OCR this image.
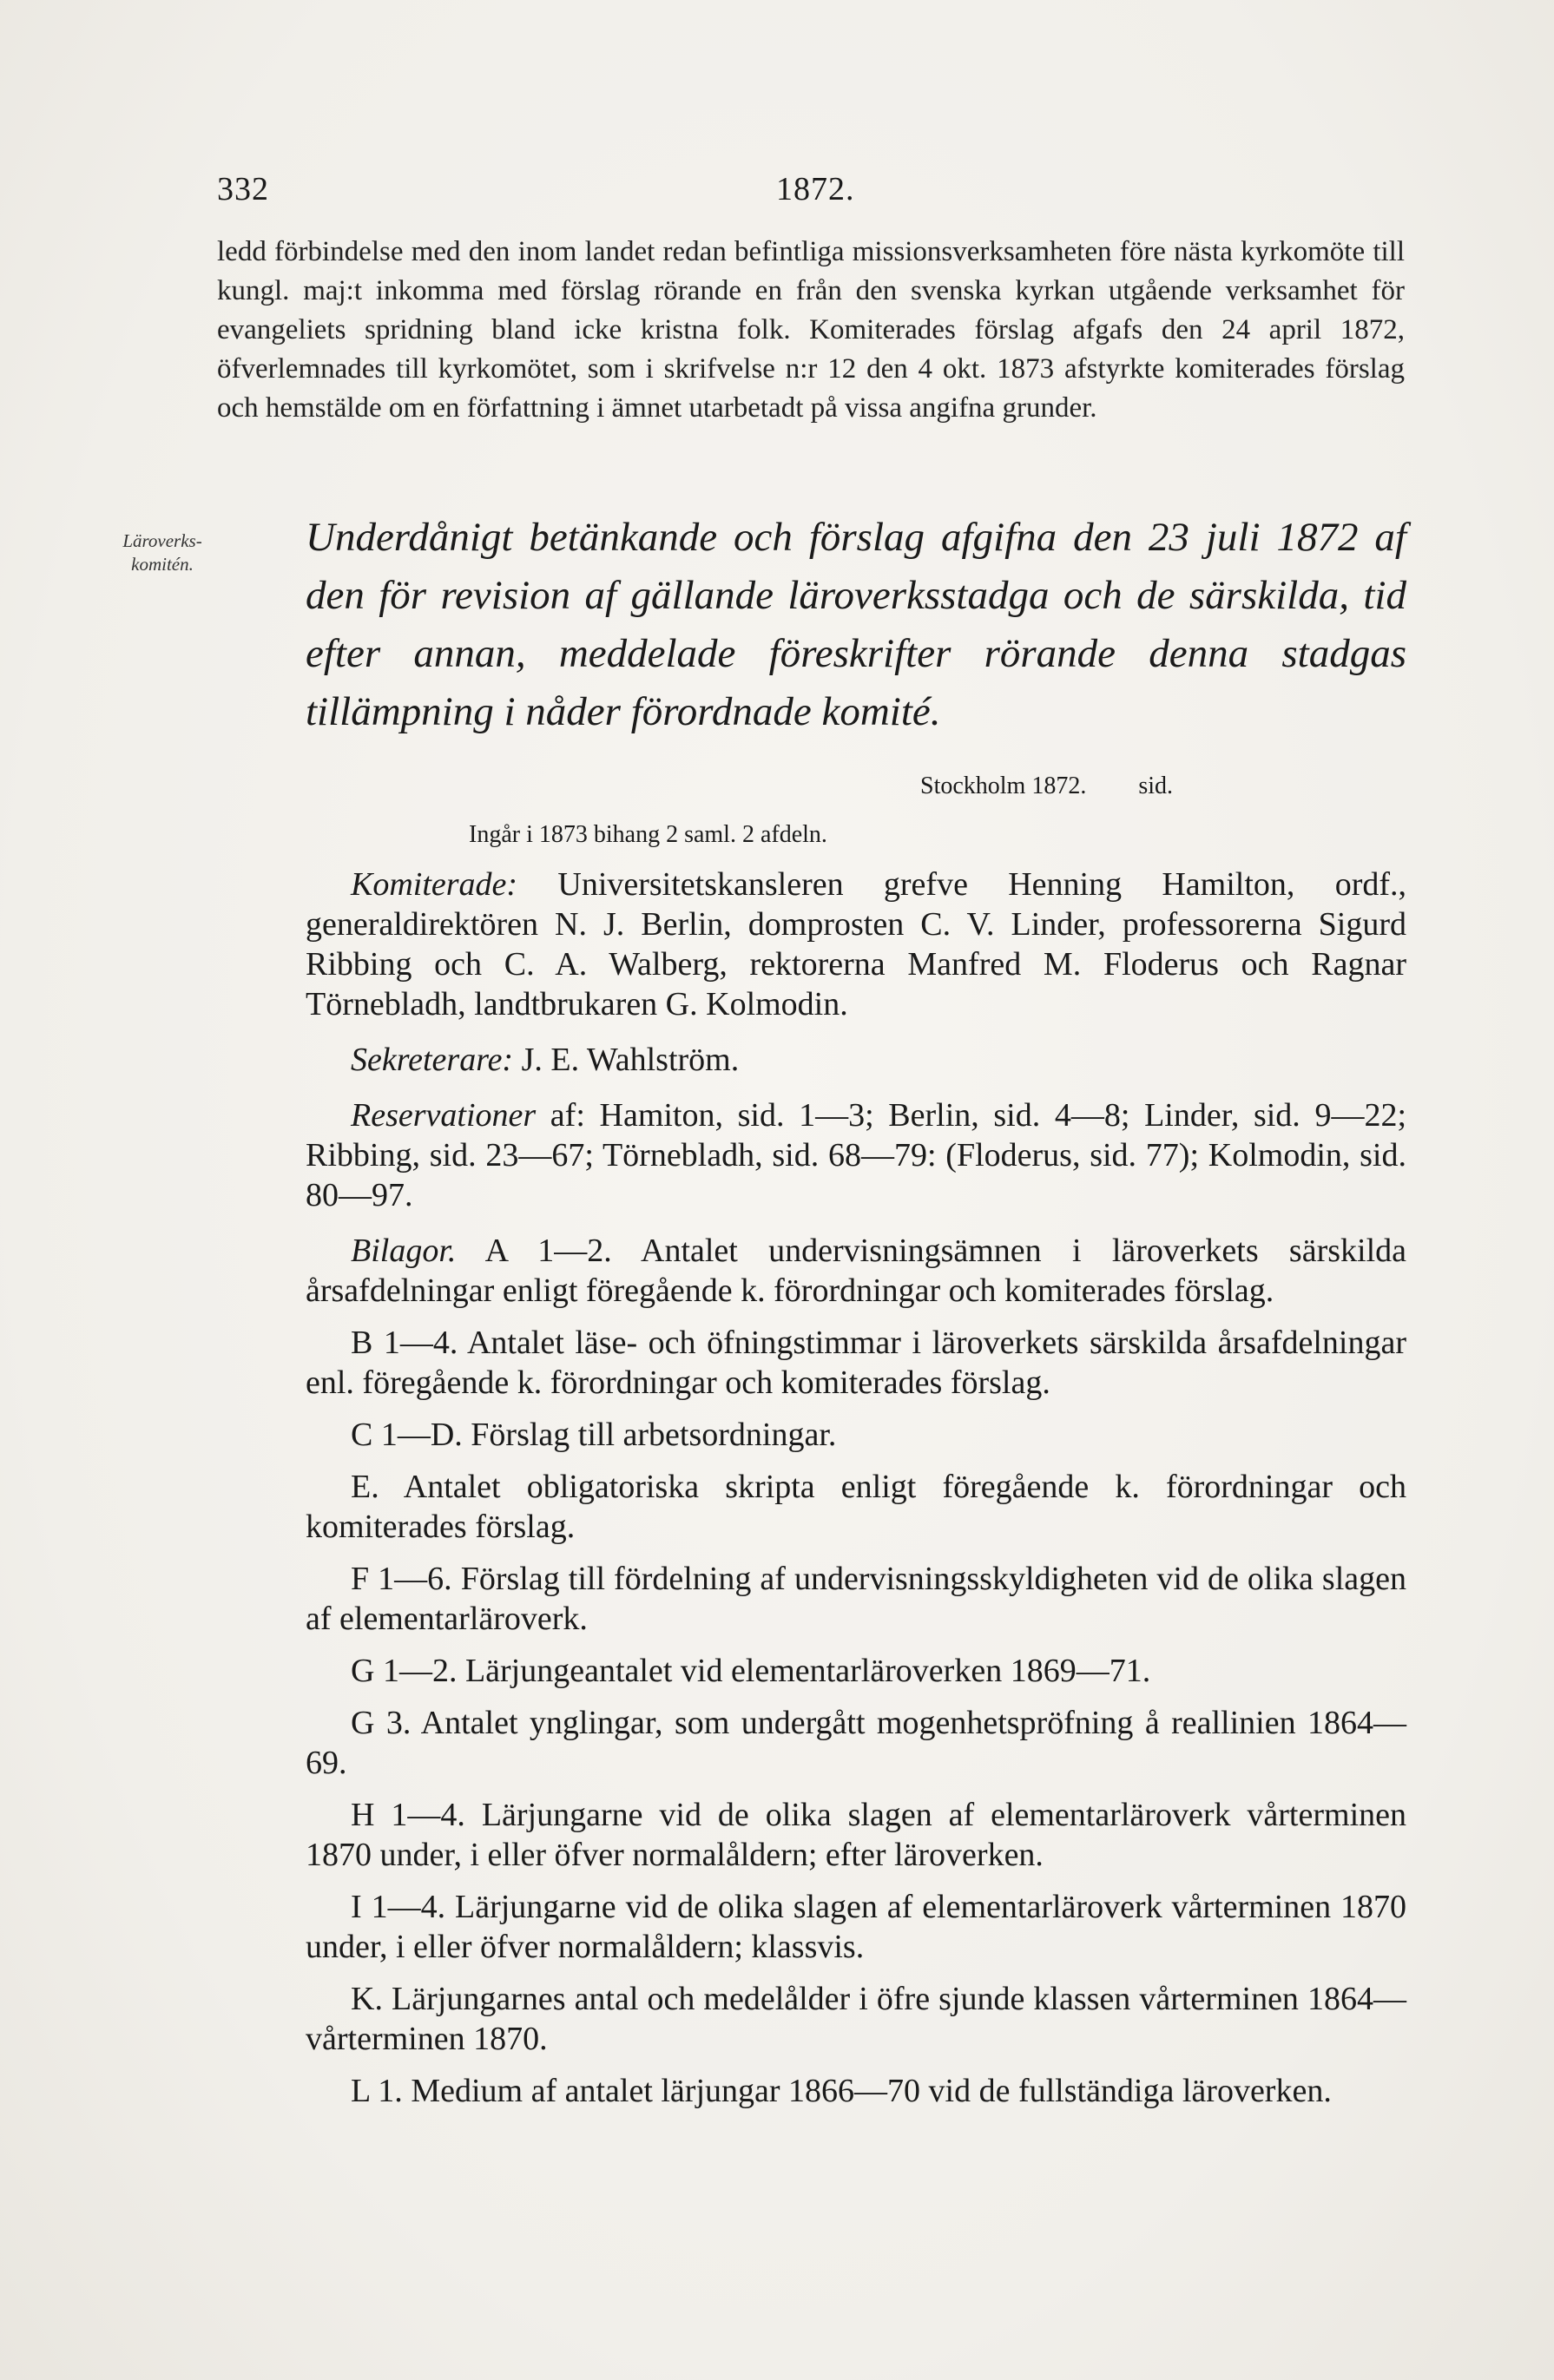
332	1872.

ledd förbindelse med den inom landet redan befintliga missionsverksamheten före nästa kyrkomöte till kungl. maj:t inkomma med förslag rörande en från den svenska kyrkan utgående verksamhet för evangeliets spridning bland icke kristna folk. Komiterades förslag afgafs den 24 april 1872, öfverlemnades till kyrkomötet, som i skrifvelse n:r 12 den 4 okt. 1873 afstyrkte komiterades förslag och hemstälde om en författning i ämnet utarbetadt på vissa angifna grunder.

Läroverks-
komitén.
Underdånigt betänkande och förslag afgifna den 23 juli 1872 af den för revision af gällande läroverksstadga och de särskilda, tid efter annan, meddelade föreskrifter rörande denna stadgas tillämpning i nåder förordnade komité.
Stockholm 1872. sid.
Ingår i 1873 bihang 2 saml. 2 afdeln.

Komiterade: Universitetskansleren grefve Henning Hamilton, ordf., generaldirektören N. J. Berlin, domprosten C. V. Linder, professorerna Sigurd Ribbing och C. A. Walberg, rektorerna Manfred M. Floderus och Ragnar Törnebladh, landtbrukaren G. Kolmodin.

Sekreterare: J. E. Wahlström.

Reservationer af: Hamiton, sid. 1—3; Berlin, sid. 4—8; Linder, sid. 9—22; Ribbing, sid. 23—67; Törnebladh, sid. 68—79: (Floderus, sid. 77); Kolmodin, sid. 80—97.

Bilagor. A 1—2. Antalet undervisningsämnen i läroverkets särskilda årsafdelningar enligt föregående k. förordningar och komiterades förslag.

B 1—4. Antalet läse- och öfningstimmar i läroverkets särskilda årsafdelningar enl. föregående k. förordningar och komiterades förslag.

C 1—D. Förslag till arbetsordningar.

E. Antalet obligatoriska skripta enligt föregående k. förordningar och komiterades förslag.

F 1—6. Förslag till fördelning af undervisningsskyldigheten vid de olika slagen af elementarläroverk.

G 1—2. Lärjungeantalet vid elementarläroverken 1869—71.

G 3. Antalet ynglingar, som undergått mogenhetspröfning å reallinien 1864—69.

H 1—4. Lärjungarne vid de olika slagen af elementarläroverk vårterminen 1870 under, i eller öfver normalåldern; efter läroverken.

I 1—4. Lärjungarne vid de olika slagen af elementarläroverk vårterminen 1870 under, i eller öfver normalåldern; klassvis.

K. Lärjungarnes antal och medelålder i öfre sjunde klassen vårterminen 1864—vårterminen 1870.

L 1. Medium af antalet lärjungar 1866—70 vid de fullständiga läroverken.
